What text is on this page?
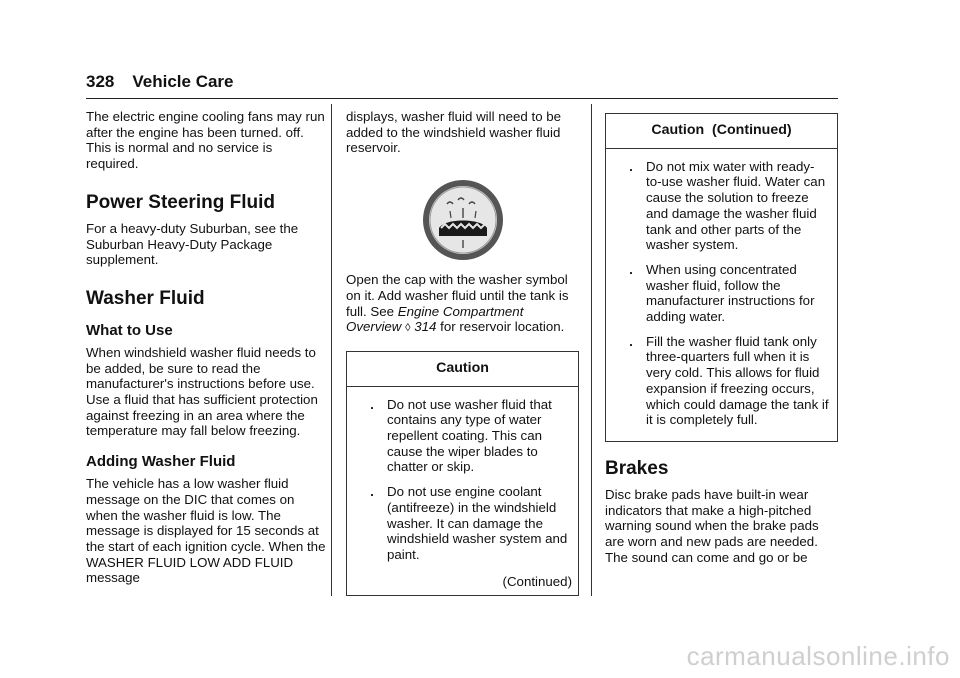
328 Vehicle Care

The electric engine cooling fans may run after the engine has been turned. off. This is normal and no service is required.

Power Steering Fluid

For a heavy-duty Suburban, see the Suburban Heavy-Duty Package supplement.

Washer Fluid
What to Use

When windshield washer fluid needs to be added, be sure to read the manufacturer's instructions before use. Use a fluid that has sufficient protection against freezing in an area where the temperature may fall below freezing.

Adding Washer Fluid

The vehicle has a low washer fluid message on the DIC that comes on when the washer fluid is low. The message is displayed for 15 seconds at the start of each ignition cycle. When the WASHER FLUID LOW ADD FLUID message

displays, washer fluid will need to be added to the windshield washer fluid reservoir.

Open the cap with the washer symbol on it. Add washer fluid until the tank is full. See Engine Compartment Overview ◊ 314 for reservoir location.

Caution
. Do not use washer fluid that contains any type of water repellent coating. This can cause the wiper blades to chatter or skip.
. Do not use engine coolant (antifreeze) in the windshield washer. It can damage the windshield washer system and paint.
(Continued)
Caution  (Continued)
. Do not mix water with ready-to-use washer fluid. Water can cause the solution to freeze and damage the washer fluid tank and other parts of the washer system.
. When using concentrated washer fluid, follow the manufacturer instructions for adding water.
. Fill the washer fluid tank only three-quarters full when it is very cold. This allows for fluid expansion if freezing occurs, which could damage the tank if it is completely full.
Brakes

Disc brake pads have built-in wear indicators that make a high-pitched warning sound when the brake pads are worn and new pads are needed. The sound can come and go or be

carmanualsonline.info
